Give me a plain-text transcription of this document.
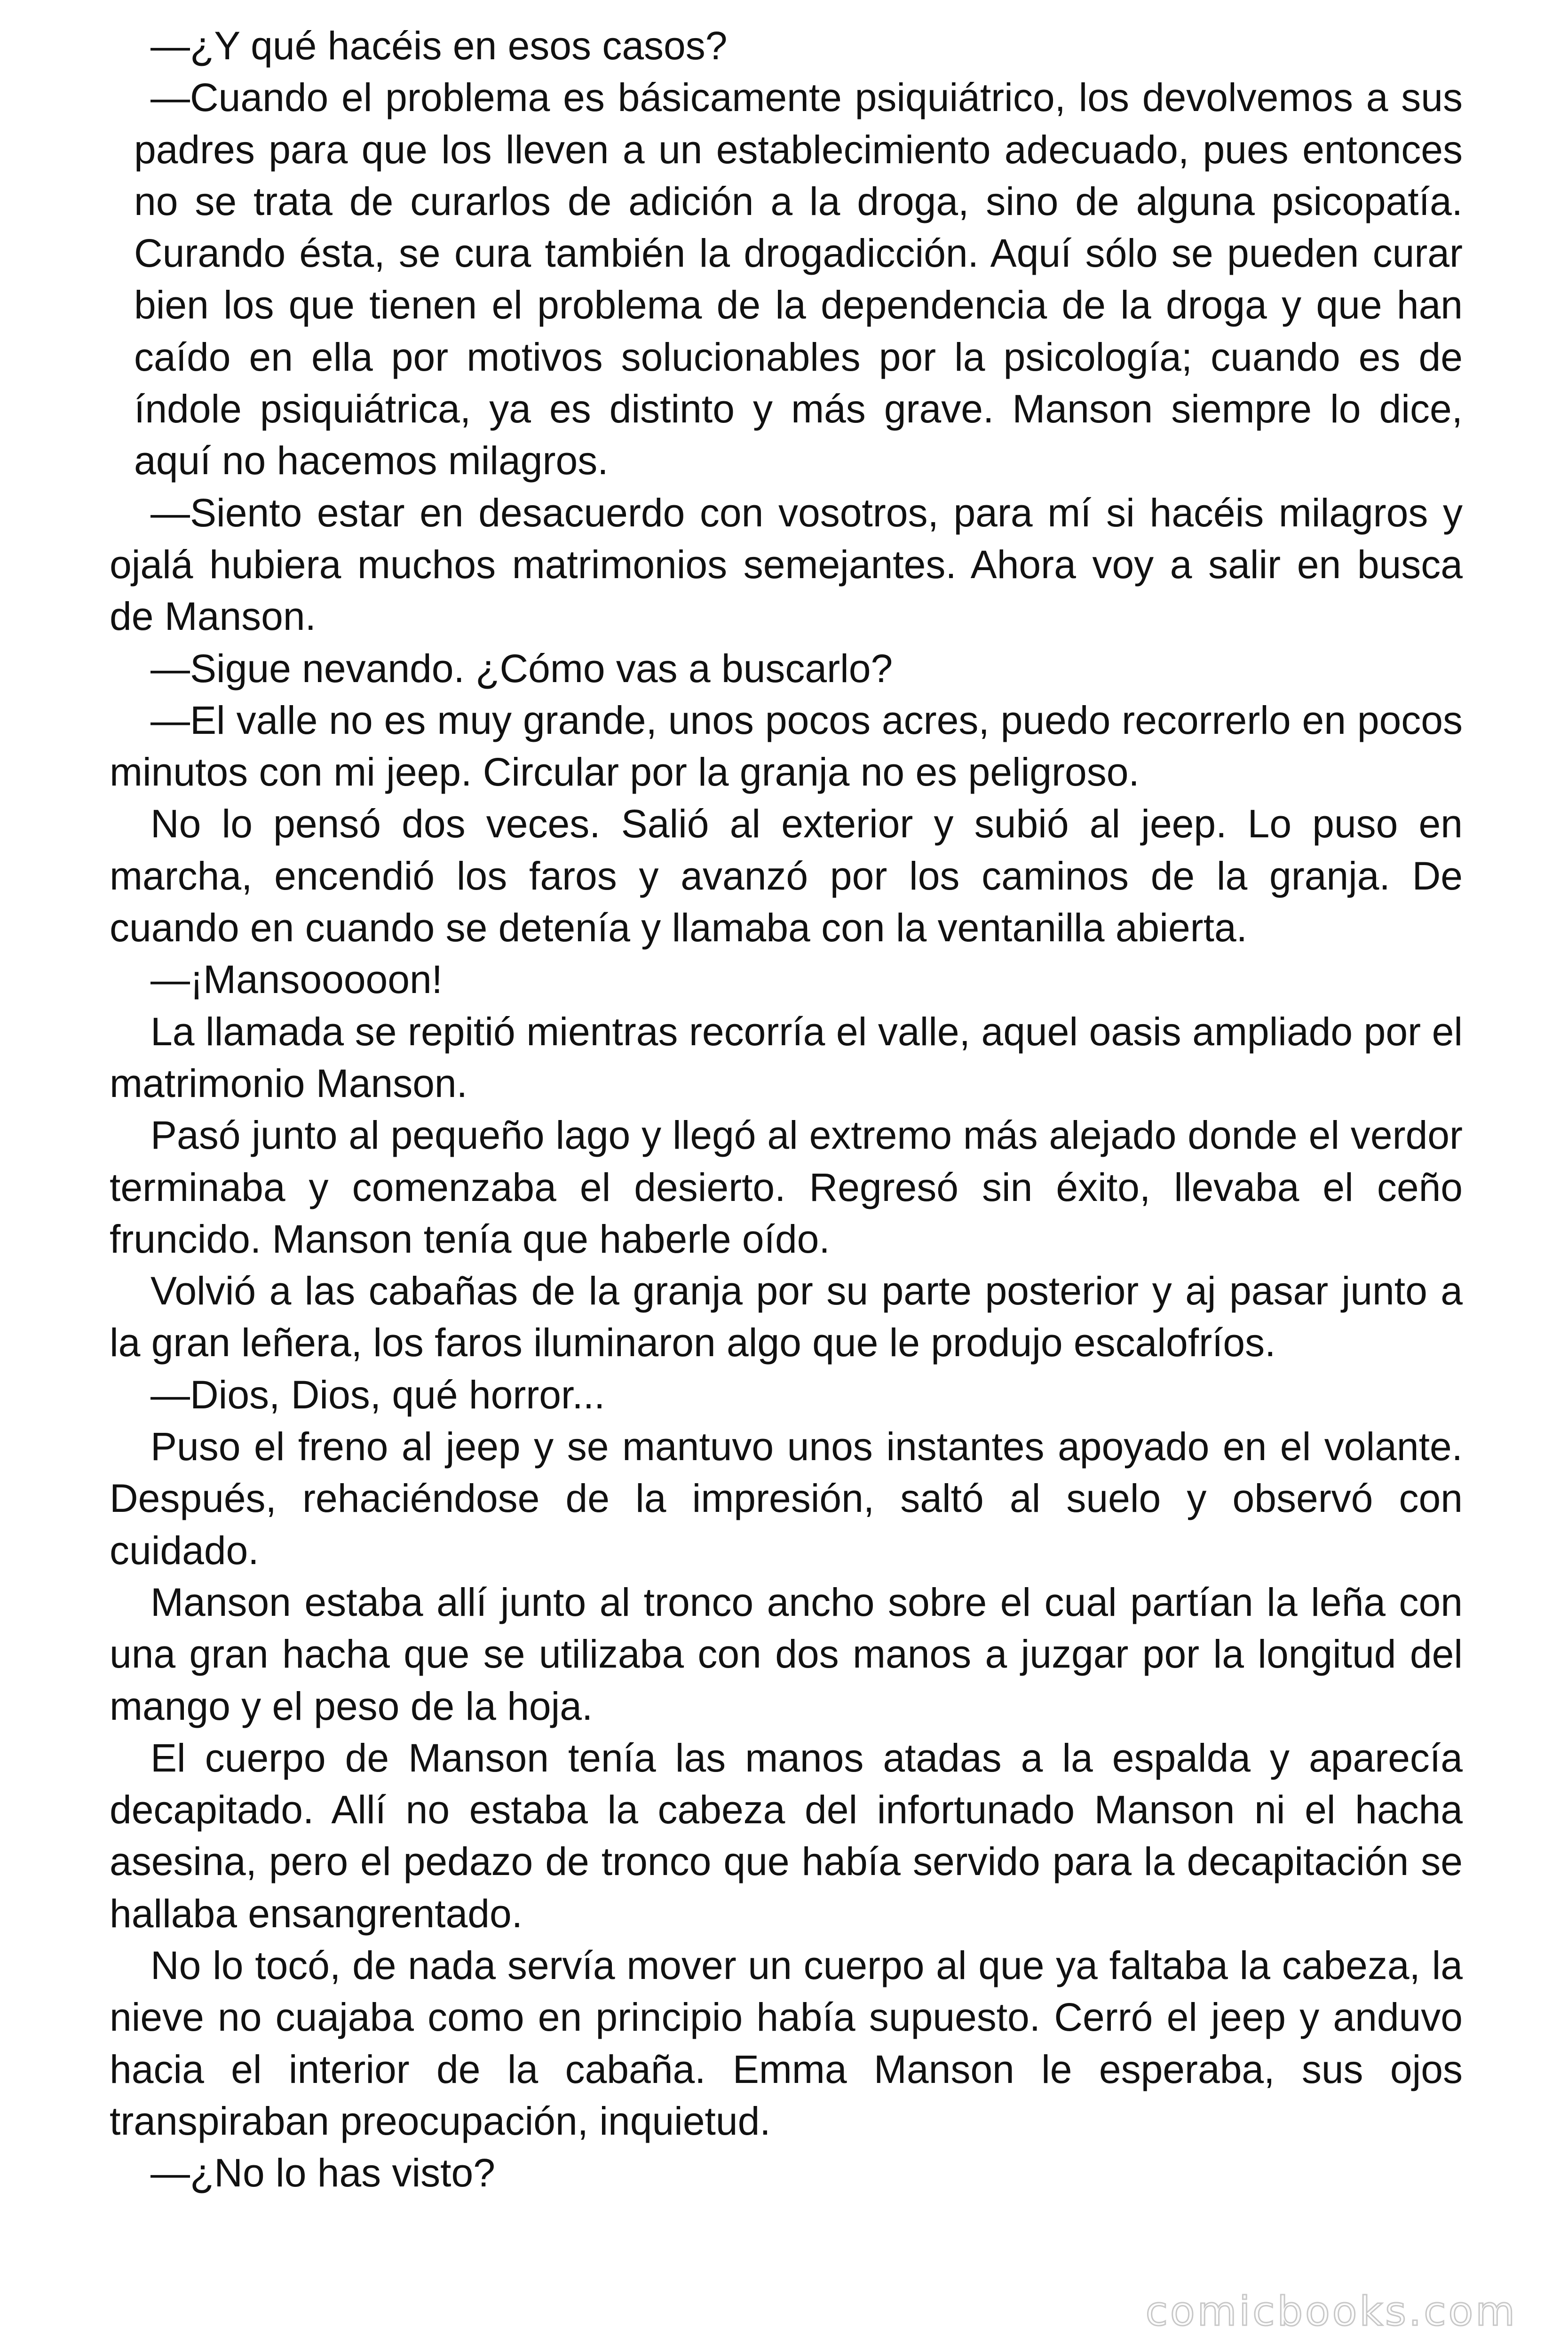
—¿Y qué hacéis en esos casos?

—Cuando el problema es básicamente psiquiátrico, los devolvemos a sus padres para que los lleven a un establecimiento adecuado, pues entonces no se trata de curarlos de adición a la droga, sino de alguna psicopatía. Curando ésta, se cura también la drogadicción. Aquí sólo se pueden curar bien los que tienen el problema de la dependencia de la droga y que han caído en ella por motivos solucionables por la psicología; cuando es de índole psiquiátrica, ya es distinto y más grave. Manson siempre lo dice, aquí no hacemos milagros.

—Siento estar en desacuerdo con vosotros, para mí si hacéis milagros y ojalá hubiera muchos matrimonios semejantes. Ahora voy a salir en busca de Manson.

—Sigue nevando. ¿Cómo vas a buscarlo?

—El valle no es muy grande, unos pocos acres, puedo recorrerlo en pocos minutos con mi jeep. Circular por la granja no es peligroso.

No lo pensó dos veces. Salió al exterior y subió al jeep. Lo puso en marcha, encendió los faros y avanzó por los caminos de la granja. De cuando en cuando se detenía y llamaba con la ventanilla abierta.

—¡Mansooooon!

La llamada se repitió mientras recorría el valle, aquel oasis ampliado por el matrimonio Manson.

Pasó junto al pequeño lago y llegó al extremo más alejado donde el verdor terminaba y comenzaba el desierto. Regresó sin éxito, llevaba el ceño fruncido. Manson tenía que haberle oído.

Volvió a las cabañas de la granja por su parte posterior y aj pasar junto a la gran leñera, los faros iluminaron algo que le produjo escalofríos.

—Dios, Dios, qué horror...

Puso el freno al jeep y se mantuvo unos instantes apoyado en el volante. Después, rehaciéndose de la impresión, saltó al suelo y observó con cuidado.

Manson estaba allí junto al tronco ancho sobre el cual partían la leña con una gran hacha que se utilizaba con dos manos a juzgar por la longitud del mango y el peso de la hoja.

El cuerpo de Manson tenía las manos atadas a la espalda y aparecía decapitado. Allí no estaba la cabeza del infortunado Manson ni el hacha asesina, pero el pedazo de tronco que había servido para la decapitación se hallaba ensangrentado.

No lo tocó, de nada servía mover un cuerpo al que ya faltaba la cabeza, la nieve no cuajaba como en principio había supuesto. Cerró el jeep y anduvo hacia el interior de la cabaña. Emma Manson le esperaba, sus ojos transpiraban preocupación, inquietud.

—¿No lo has visto?

comicbooks.com
